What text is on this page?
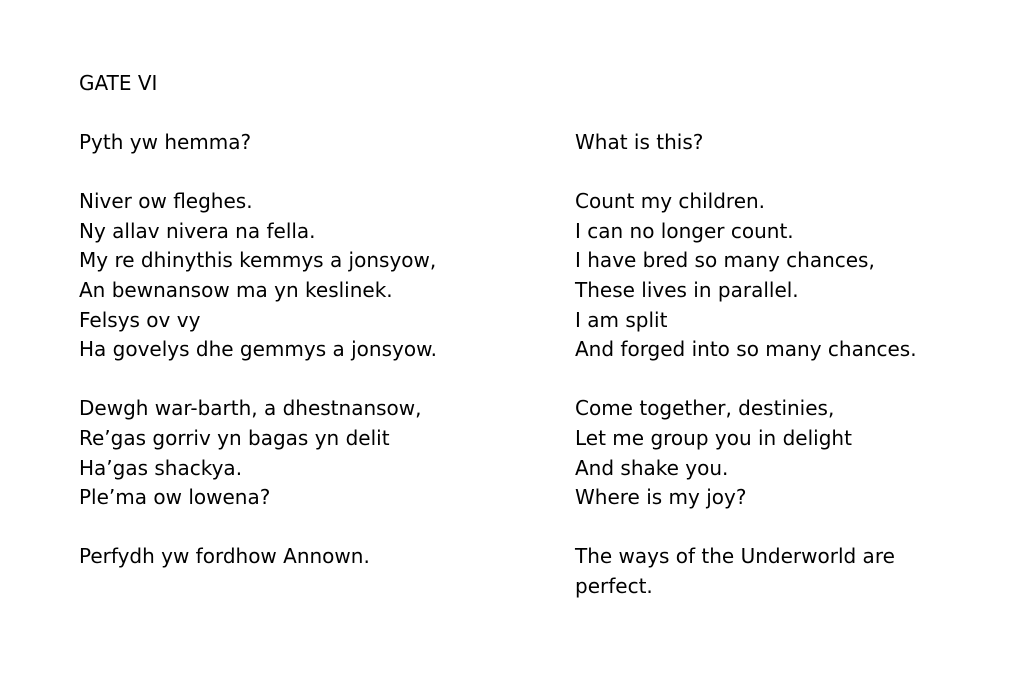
GATE VI
Pyth yw hemma?
Niver ow fleghes.
Ny allav nivera na fella.
My re dhinythis kemmys a jonsyow,
An bewnansow ma yn keslinek.
Felsys ov vy
Ha govelys dhe gemmys a jonsyow.
Dewgh war-barth, a dhestnansow,
Re’gas gorriv yn bagas yn delit
Ha’gas shackya.
Ple’ma ow lowena?
Perfydh yw fordhow Annown.
What is this?
Count my children.
I can no longer count.
I have bred so many chances,
These lives in parallel.
I am split
And forged into so many chances.
Come together, destinies,
Let me group you in delight
And shake you.
Where is my joy?
The ways of the Underworld are perfect.
